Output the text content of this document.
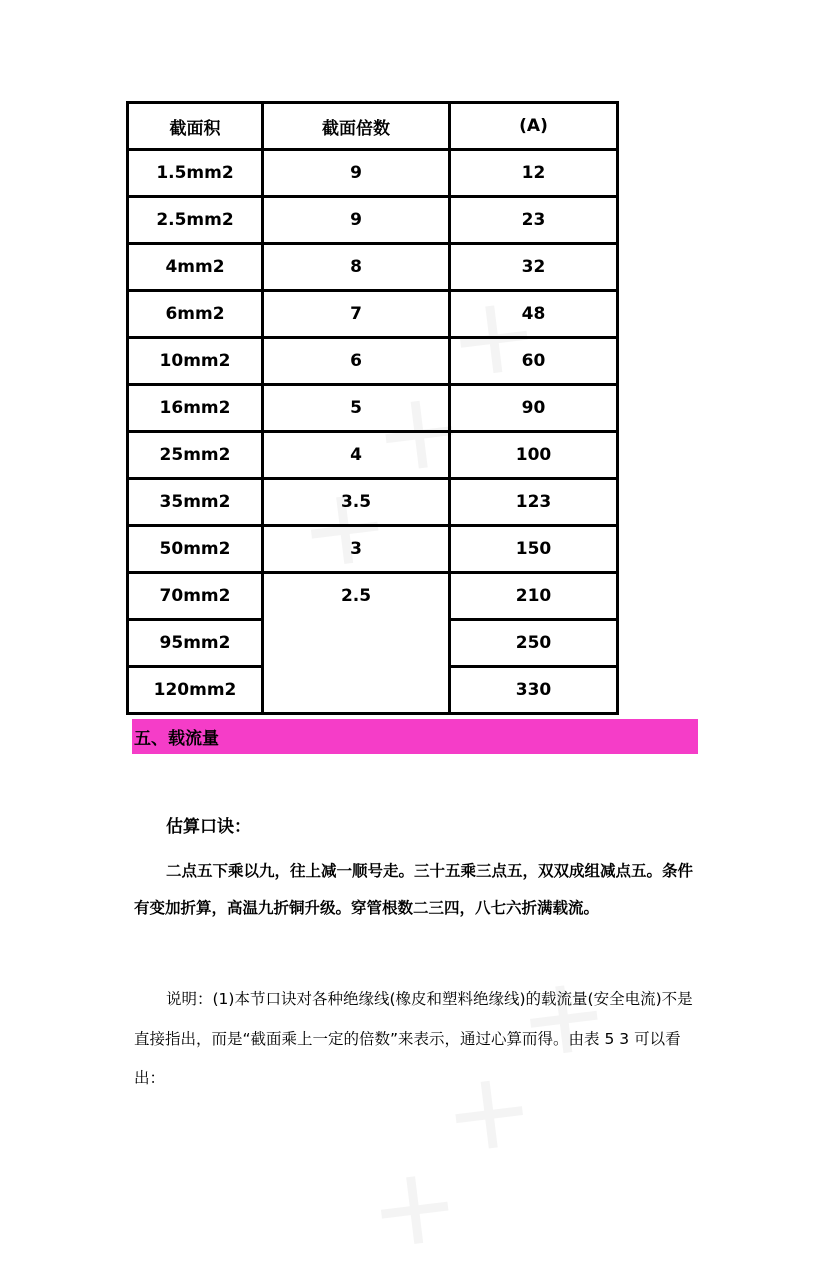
截面积	截面倍数	(A)
1.5mm2	9	12
2.5mm2	9	23
4mm2	8	32
6mm2	7	48
10mm2	6	60
16mm2	5	90
25mm2	4	100
35mm2	3.5	123
50mm2	3	150
70mm2	2.5	210
95mm2		250
120mm2		330
五、载流量
估算口诀：
二点五下乘以九，往上减一顺号走。三十五乘三点五，双双成组减点五。条件有变加折算，高温九折铜升级。穿管根数二三四，八七六折满载流。
说明：(1)本节口诀对各种绝缘线(橡皮和塑料绝缘线)的载流量(安全电流)不是直接指出，而是“截面乘上一定的倍数”来表示，通过心算而得。由表 5 3 可以看出：
